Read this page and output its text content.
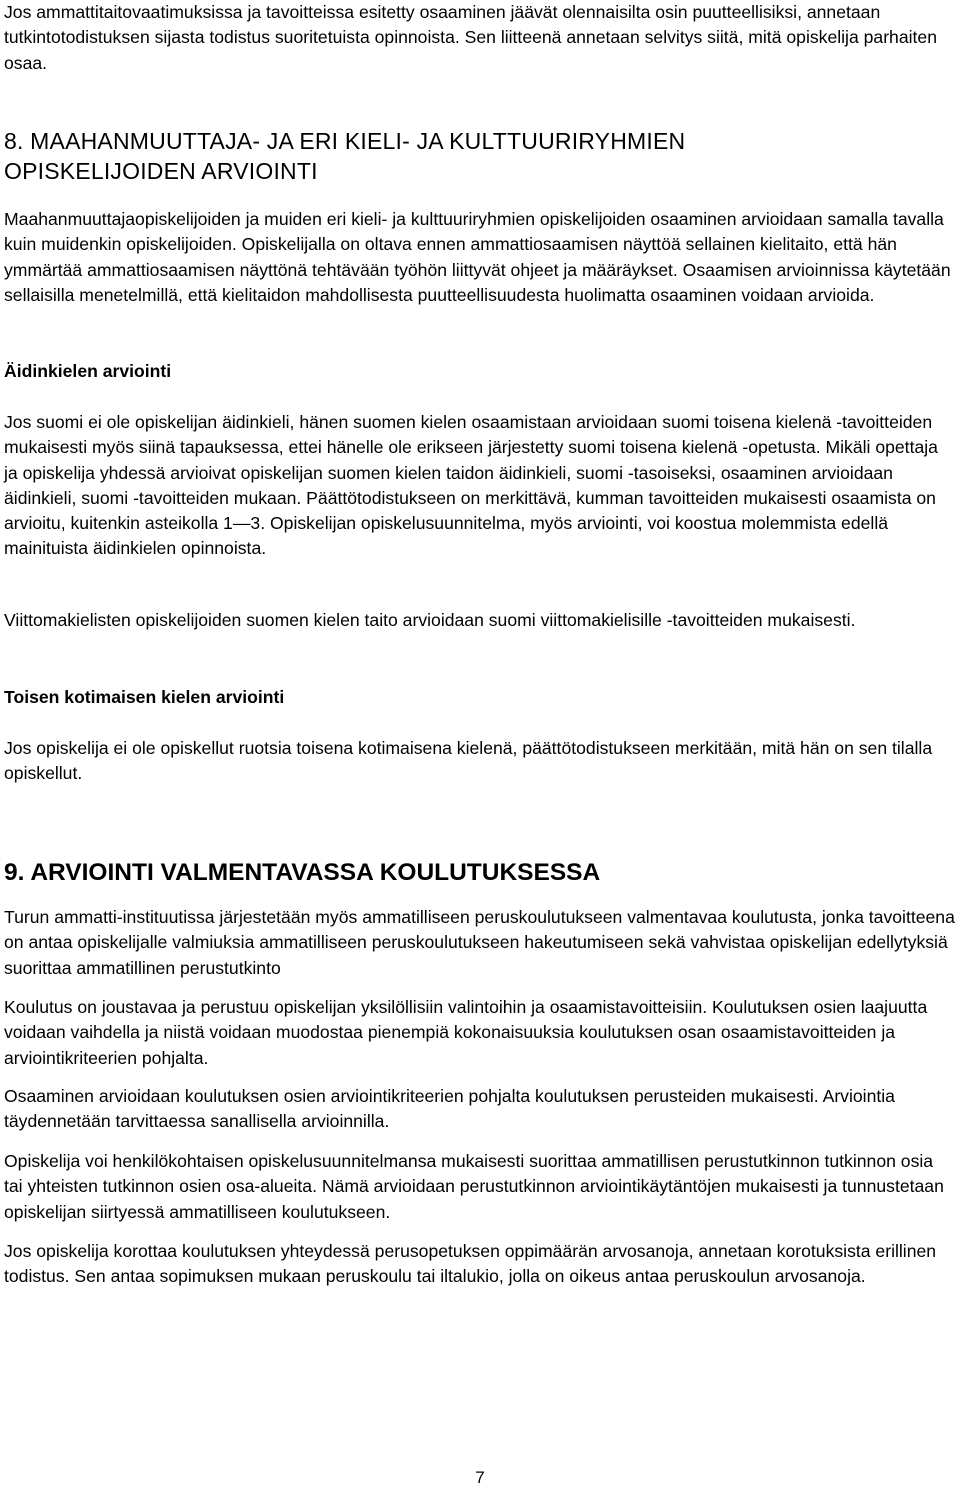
Jos ammattitaitovaatimuksissa ja tavoitteissa esitetty osaaminen jäävät olennaisilta osin puutteellisiksi, annetaan tutkintotodistuksen sijasta todistus suoritetuista opinnoista. Sen liitteenä annetaan selvitys siitä, mitä opiskelija parhaiten osaa.

8. MAAHANMUUTTAJA- JA ERI KIELI- JA KULTTUURIRYHMIEN
OPISKELIJOIDEN ARVIOINTI

Maahanmuuttajaopiskelijoiden ja muiden eri kieli- ja kulttuuriryhmien opiskelijoiden osaaminen arvioidaan samalla tavalla kuin muidenkin opiskelijoiden. Opiskelijalla on oltava ennen ammattiosaamisen näyttöä sellainen kielitaito, että hän ymmärtää ammattiosaamisen näyttönä tehtävään työhön liittyvät ohjeet ja määräykset. Osaamisen arvioinnissa käytetään sellaisilla menetelmillä, että kielitaidon mahdollisesta puutteellisuudesta huolimatta osaaminen voidaan arvioida.

Äidinkielen arviointi

Jos suomi ei ole opiskelijan äidinkieli, hänen suomen kielen osaamistaan arvioidaan suomi toisena kielenä -tavoitteiden mukaisesti myös siinä tapauksessa, ettei hänelle ole erikseen järjestetty suomi toisena kielenä -opetusta. Mikäli opettaja ja opiskelija yhdessä arvioivat opiskelijan suomen kielen taidon äidinkieli, suomi -tasoiseksi, osaaminen arvioidaan äidinkieli, suomi -tavoitteiden mukaan. Päättötodistukseen on merkittävä, kumman tavoitteiden mukaisesti osaamista on arvioitu, kuitenkin asteikolla 1—3. Opiskelijan opiskelusuunnitelma, myös arviointi, voi koostua molemmista edellä mainituista äidinkielen opinnoista.

Viittomakielisten opiskelijoiden suomen kielen taito arvioidaan suomi viittomakielisille -tavoitteiden mukaisesti.

Toisen kotimaisen kielen arviointi

Jos opiskelija ei ole opiskellut ruotsia toisena kotimaisena kielenä, päättötodistukseen merkitään, mitä hän on sen tilalla opiskellut.

9. ARVIOINTI VALMENTAVASSA KOULUTUKSESSA

Turun ammatti-instituutissa järjestetään myös ammatilliseen peruskoulutukseen valmentavaa koulutusta, jonka tavoitteena on antaa opiskelijalle valmiuksia ammatilliseen peruskoulutukseen hakeutumiseen sekä vahvistaa opiskelijan edellytyksiä suorittaa ammatillinen perustutkinto

Koulutus on joustavaa ja perustuu opiskelijan yksilöllisiin valintoihin ja osaamistavoitteisiin. Koulutuksen osien laajuutta voidaan vaihdella ja niistä voidaan muodostaa pienempiä kokonaisuuksia koulutuksen osan osaamistavoitteiden ja arviointikriteerien pohjalta.

Osaaminen arvioidaan koulutuksen osien arviointikriteerien pohjalta koulutuksen perusteiden mukaisesti. Arviointia täydennetään tarvittaessa sanallisella arvioinnilla.

Opiskelija voi henkilökohtaisen opiskelusuunnitelmansa mukaisesti suorittaa ammatillisen perustutkinnon tutkinnon osia tai yhteisten tutkinnon osien osa-alueita. Nämä arvioidaan perustutkinnon arviointikäytäntöjen mukaisesti ja tunnustetaan opiskelijan siirtyessä ammatilliseen koulutukseen.

Jos opiskelija korottaa koulutuksen yhteydessä perusopetuksen oppimäärän arvosanoja, annetaan korotuksista erillinen todistus. Sen antaa sopimuksen mukaan peruskoulu tai iltalukio, jolla on oikeus antaa peruskoulun arvosanoja.

7
